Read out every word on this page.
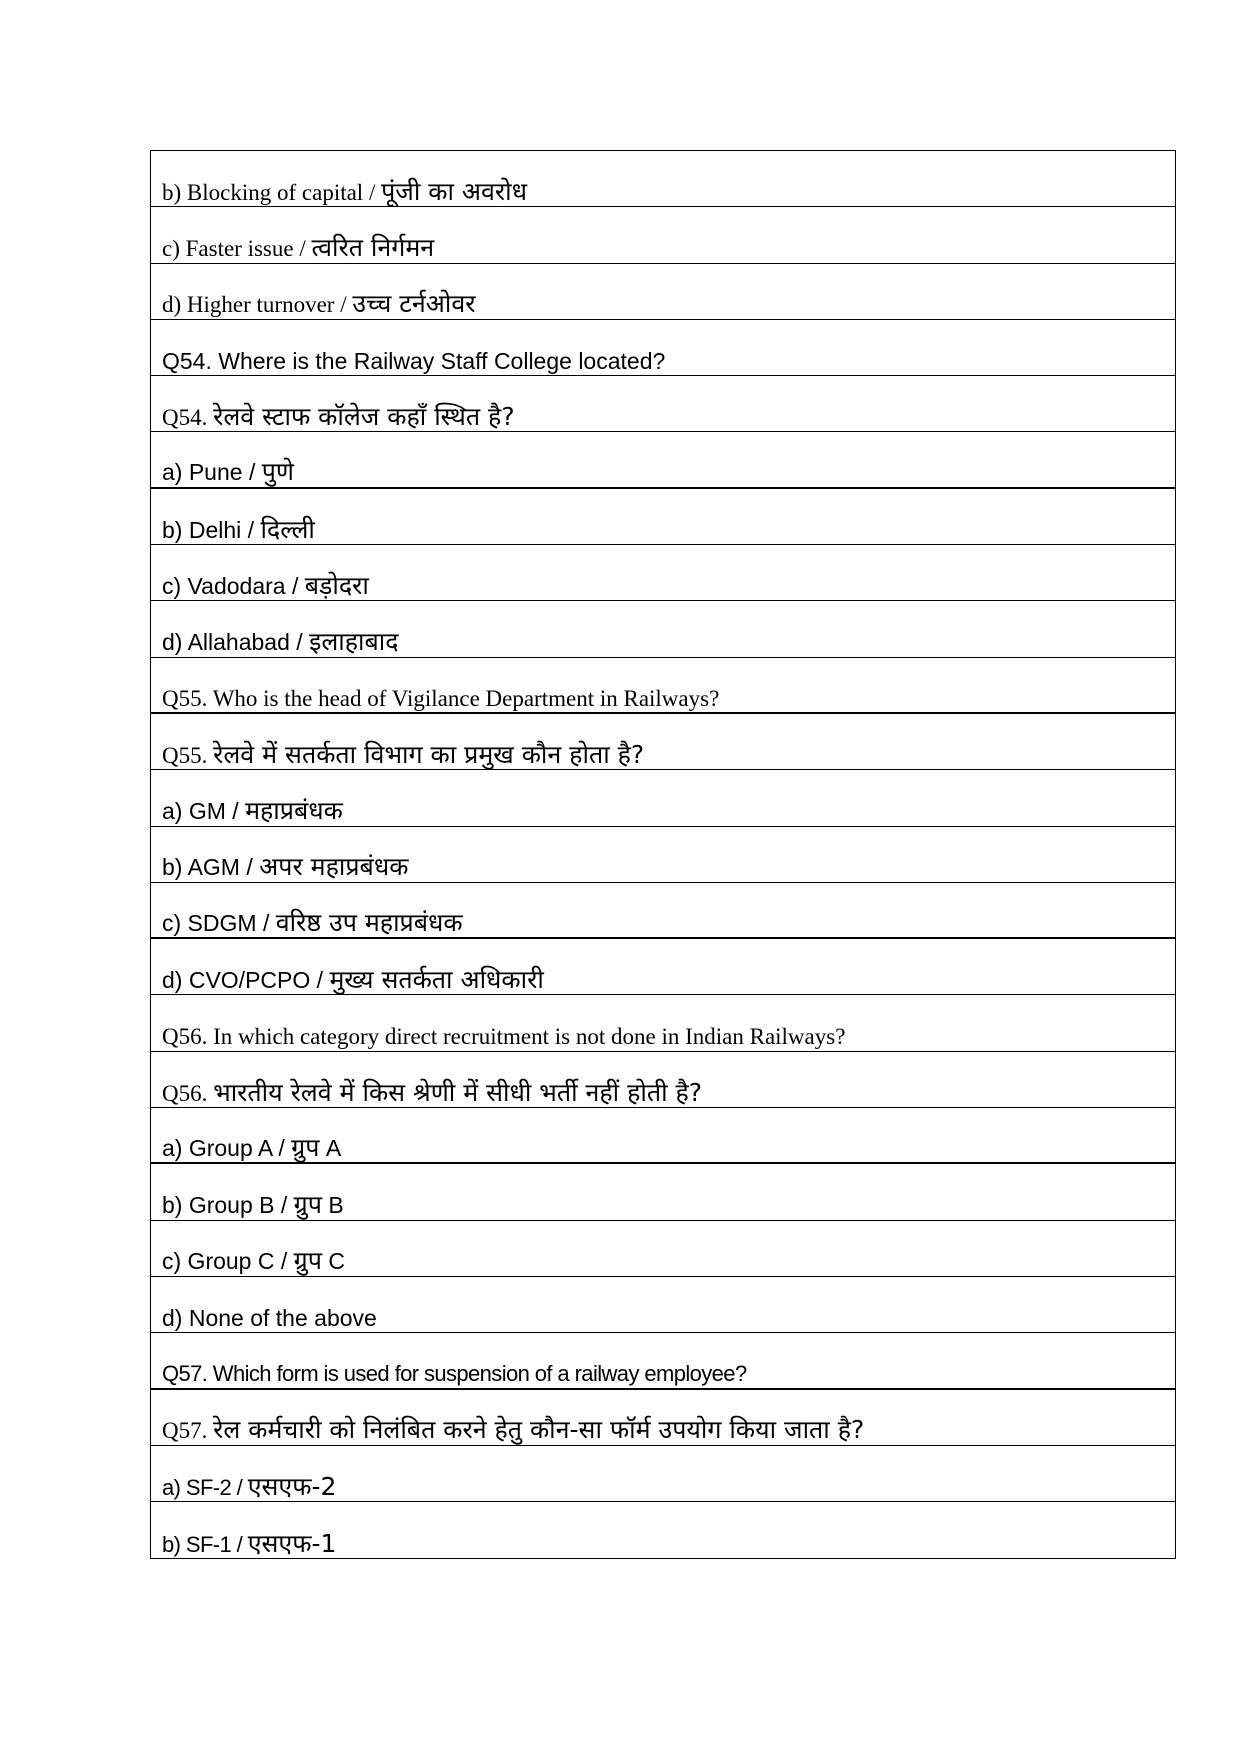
b) Blocking of capital / पूंजी का अवरोध
c) Faster issue / त्वरित निर्गमन
d) Higher turnover / उच्च टर्नओवर
Q54. Where is the Railway Staff College located?
Q54. रेलवे स्टाफ कॉलेज कहाँ स्थित है?
a) Pune / पुणे
b) Delhi / दिल्ली
c) Vadodara / बड़ोदरा
d) Allahabad / इलाहाबाद
Q55. Who is the head of Vigilance Department in Railways?
Q55. रेलवे में सतर्कता विभाग का प्रमुख कौन होता है?
a) GM / महाप्रबंधक
b) AGM / अपर महाप्रबंधक
c) SDGM / वरिष्ठ उप महाप्रबंधक
d) CVO/PCPO / मुख्य सतर्कता अधिकारी
Q56. In which category direct recruitment is not done in Indian Railways?
Q56. भारतीय रेलवे में किस श्रेणी में सीधी भर्ती नहीं होती है?
a) Group A / ग्रुप A
b) Group B / ग्रुप B
c) Group C / ग्रुप C
d) None of the above
Q57. Which form is used for suspension of a railway employee?
Q57. रेल कर्मचारी को निलंबित करने हेतु कौन-सा फॉर्म उपयोग किया जाता है?
a) SF-2 / एसएफ-2
b) SF-1 / एसएफ-1
